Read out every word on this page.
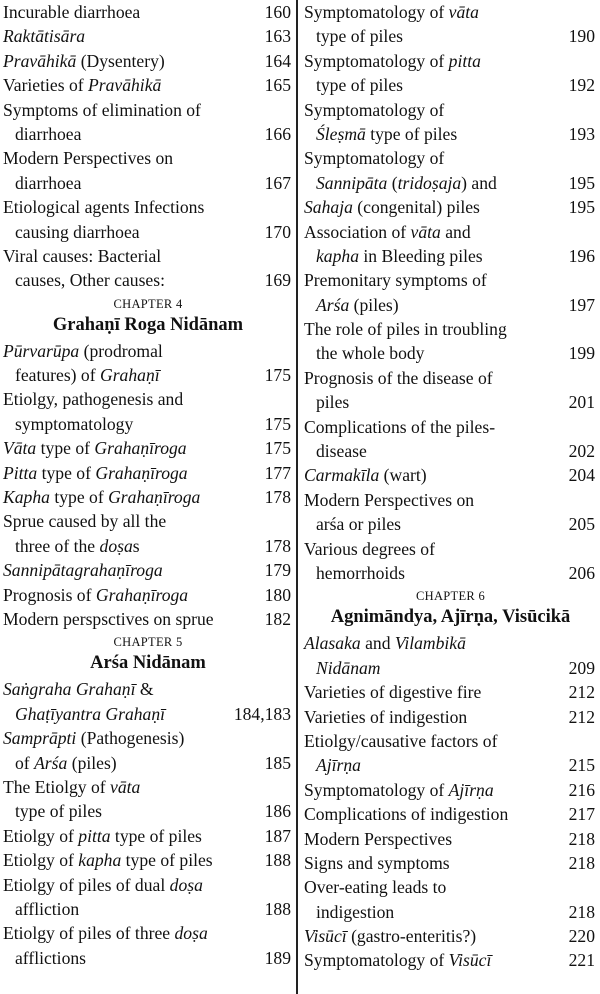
Incurable diarrhoea	160
Raktātisāra	163
Pravāhikā (Dysentery)	164
Varieties of Pravāhikā	165
Symptoms of elimination of
diarrhoea	166
Modern Perspectives on
diarrhoea	167
Etiological agents Infections
causing diarrhoea	170
Viral causes: Bacterial
causes, Other causes:	169
CHAPTER 4
Grahaṇī Roga Nidānam
Pūrvarūpa (prodromal
features) of Grahaṇī	175
Etiolgy, pathogenesis and
symptomatology	175
Vāta type of Grahaṇīroga	175
Pitta type of Grahaṇīroga	177
Kapha type of Grahaṇīroga	178
Sprue caused by all the
three of the doṣas	178
Sannipātagrahaṇīroga	179
Prognosis of Grahaṇīroga	180
Modern perspsctives on sprue	182
CHAPTER 5
Arśa Nidānam
Saṅgraha Grahaṇī &
Ghaṭīyantra Grahaṇī	184,183
Samprāpti (Pathogenesis)
of Arśa (piles)	185
The Etiolgy of vāta
type of piles	186
Etiolgy of pitta type of piles	187
Etiolgy of kapha type of piles	188
Etiolgy of piles of dual doṣa
affliction	188
Etiolgy of piles of three doṣa
afflictions	189
Symptomatology of vāta
type of piles	190
Symptomatology of pitta
type of piles	192
Symptomatology of
Śleṣmā type of piles	193
Symptomatology of
Sannipāta (tridoṣaja) and	195
Sahaja (congenital) piles	195
Association of vāta and
kapha in Bleeding piles	196
Premonitary symptoms of
Arśa (piles)	197
The role of piles in troubling
the whole body	199
Prognosis of the disease of
piles	201
Complications of the piles-
disease	202
Carmakīla (wart)	204
Modern Perspectives on
arśa or piles	205
Various degrees of
hemorrhoids	206
CHAPTER 6
Agnimāndya, Ajīrṇa, Visūcikā
Alasaka and Vilambikā
Nidānam	209
Varieties of digestive fire	212
Varieties of indigestion	212
Etiolgy/causative factors of
Ajīrṇa	215
Symptomatology of Ajīrṇa	216
Complications of indigestion	217
Modern Perspectives	218
Signs and symptoms	218
Over-eating leads to
indigestion	218
Visūcī (gastro-enteritis?)	220
Symptomatology of Visūcī	221
